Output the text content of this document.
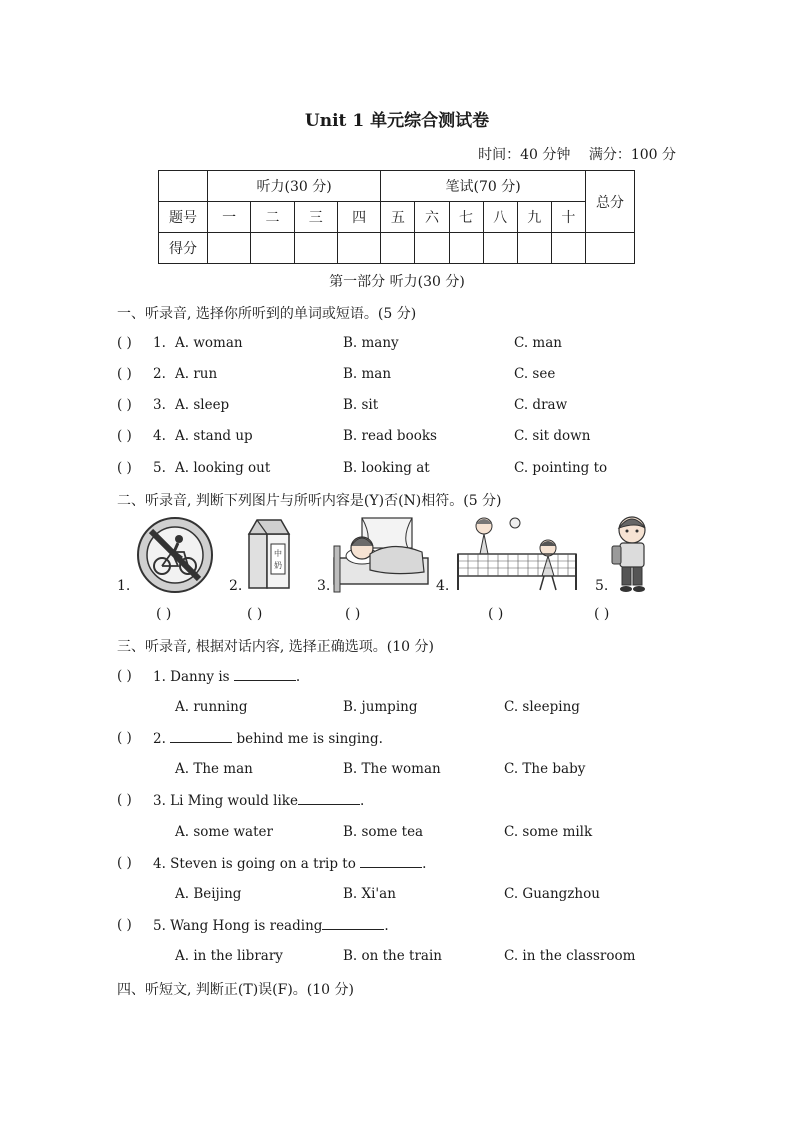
Unit 1 单元综合测试卷
时间：40 分钟 满分：100 分
	听力(30 分)				笔试(70 分)						总分
题号	一	二	三	四	五	六	七	八	九	十	
得分											
第一部分 听力(30 分)
一、听录音, 选择你所听到的单词或短语。(5 分)
( ) 1. A. woman	B. many	C. man
( ) 2. A. run	B. man	C. see
( ) 3. A. sleep	B. sit	C. draw
( ) 4. A. stand up	B. read books	C. sit down
( ) 5. A. looking out	B. looking at	C. pointing to
二、听录音, 判断下列图片与所听内容是(Y)否(N)相符。(5 分)
1.	2.
中
奶
3.	4.	5.
( )	( )	( )	( )	( )
三、听录音, 根据对话内容, 选择正确选项。(10 分)
( ) 1. Danny is	.
A. running	B. jumping	C. sleeping
( ) 2.	behind me is singing.
A. The man	B. The woman	C. The baby
( ) 3. Li Ming would like	.
A. some water	B. some tea	C. some milk
( ) 4. Steven is going on a trip to	.
A. Beijing	B. Xi'an	C. Guangzhou
( ) 5. Wang Hong is reading	.
A. in the library	B. on the train	C. in the classroom
四、听短文, 判断正(T)误(F)。(10 分)
